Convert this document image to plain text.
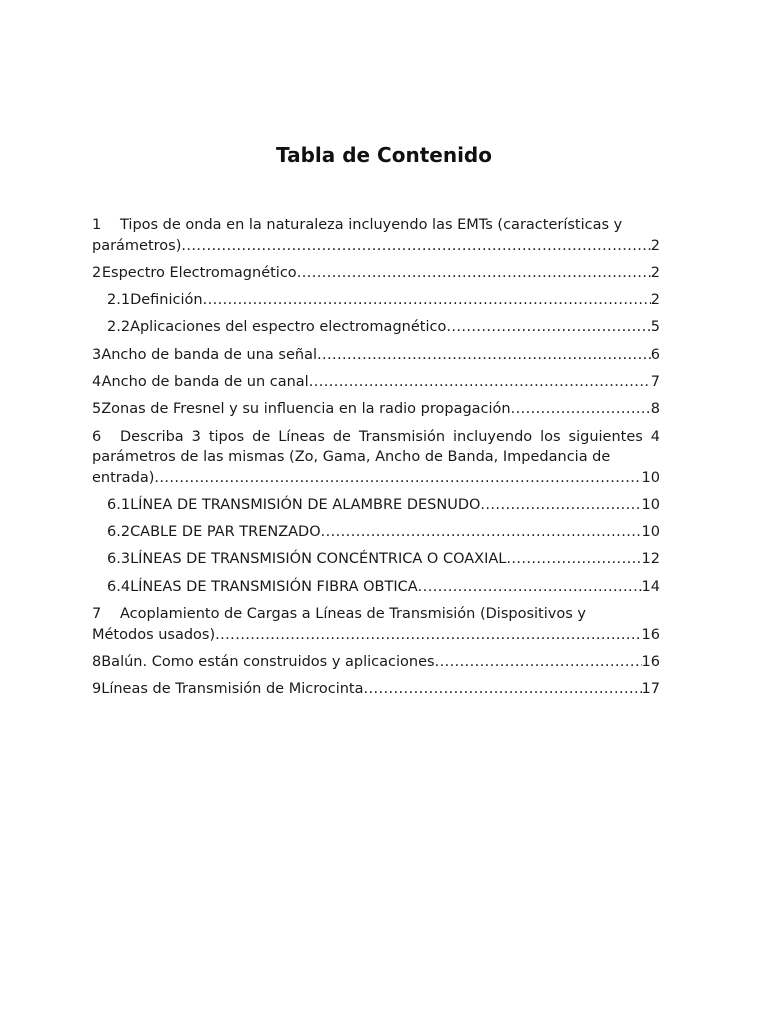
Tabla de Contenido
1 Tipos de onda en la naturaleza incluyendo las EMTs (características y
parámetros) .....	2
2 Espectro Electromagnético .....	2
2.1 Definición .....	2
2.2 Aplicaciones del espectro electromagnético .....	5
3 Ancho de banda de una señal .....	6
4 Ancho de banda de un canal .....	7
5 Zonas de Fresnel y su influencia en la radio propagación .....	8
6 Describa 3 tipos de Líneas de Transmisión incluyendo los siguientes 4 parámetros de las mismas (Zo, Gama, Ancho de Banda, Impedancia de
entrada) .....	10
6.1 LÍNEA DE TRANSMISIÓN DE ALAMBRE DESNUDO .....	10
6.2 CABLE DE PAR TRENZADO .....	10
6.3 LÍNEAS DE TRANSMISIÓN CONCÉNTRICA O COAXIAL .....	12
6.4 LÍNEAS DE TRANSMISIÓN FIBRA OBTICA .....	14
7 Acoplamiento de Cargas a Líneas de Transmisión (Dispositivos y
Métodos usados) .....	16
8 Balún. Como están construidos y aplicaciones .....	16
9 Líneas de Transmisión de Microcinta .....	17
